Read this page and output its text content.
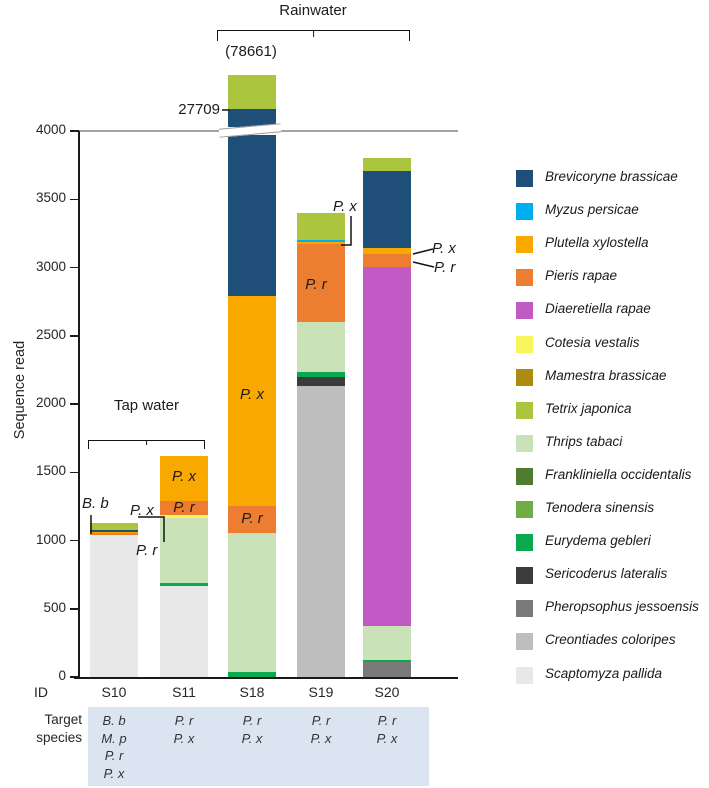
Sequence read
Rainwater
Tap water
(78661)
27709
B. b P. x
P. r
P. x
P. r
P. x
P. r
P. r
P. x
P. x
P. r
ID
Target
species
0
500
1000
1500
2000
2500
3000
3500
4000
S10
B. b
M. p
P. r
P. x
S11
P. r
P. x
S18
P. r
P. x
S19
P. r
P. x
S20
P. r
P. x
Brevicoryne brassicae
Myzus persicae
Plutella xylostella
Pieris rapae
Diaeretiella rapae
Cotesia vestalis
Mamestra brassicae
Tetrix japonica
Thrips tabaci
Frankliniella occidentalis
Tenodera sinensis
Eurydema gebleri
Sericoderus lateralis
Pheropsophus jessoensis
Creontiades coloripes
Scaptomyza pallida
